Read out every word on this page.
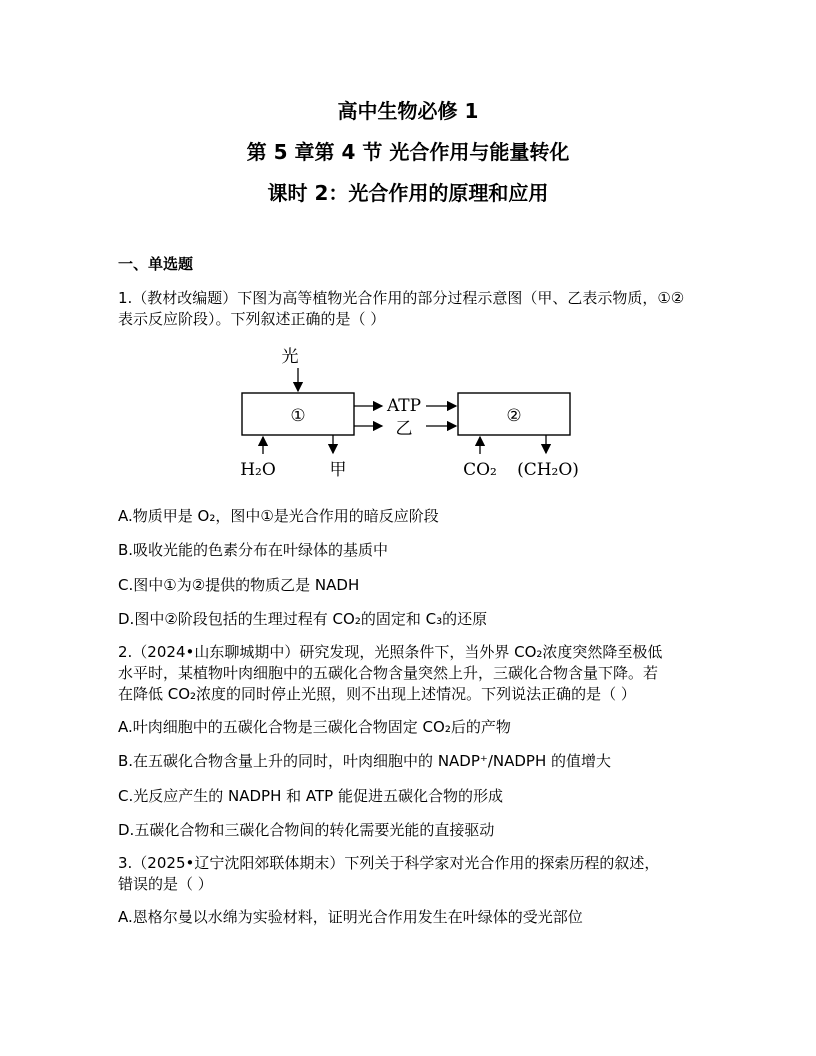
高中生物必修 1
第 5 章第 4 节 光合作用与能量转化
课时 2：光合作用的原理和应用
一、单选题
1.（教材改编题）下图为高等植物光合作用的部分过程示意图（甲、乙表示物质，①②
表示反应阶段）。下列叙述正确的是（ ）
光
①	②
ATP
乙
H₂O	甲	CO₂ (CH₂O)
A.物质甲是 O₂，图中①是光合作用的暗反应阶段
B.吸收光能的色素分布在叶绿体的基质中
C.图中①为②提供的物质乙是 NADH
D.图中②阶段包括的生理过程有 CO₂的固定和 C₃的还原
2.（2024•山东聊城期中）研究发现，光照条件下，当外界 CO₂浓度突然降至极低
水平时，某植物叶肉细胞中的五碳化合物含量突然上升，三碳化合物含量下降。若
在降低 CO₂浓度的同时停止光照，则不出现上述情况。下列说法正确的是（ ）
A.叶肉细胞中的五碳化合物是三碳化合物固定 CO₂后的产物
B.在五碳化合物含量上升的同时，叶肉细胞中的 NADP⁺/NADPH 的值增大
C.光反应产生的 NADPH 和 ATP 能促进五碳化合物的形成
D.五碳化合物和三碳化合物间的转化需要光能的直接驱动
3.（2025•辽宁沈阳郊联体期末）下列关于科学家对光合作用的探索历程的叙述，
错误的是（ ）
A.恩格尔曼以水绵为实验材料，证明光合作用发生在叶绿体的受光部位
